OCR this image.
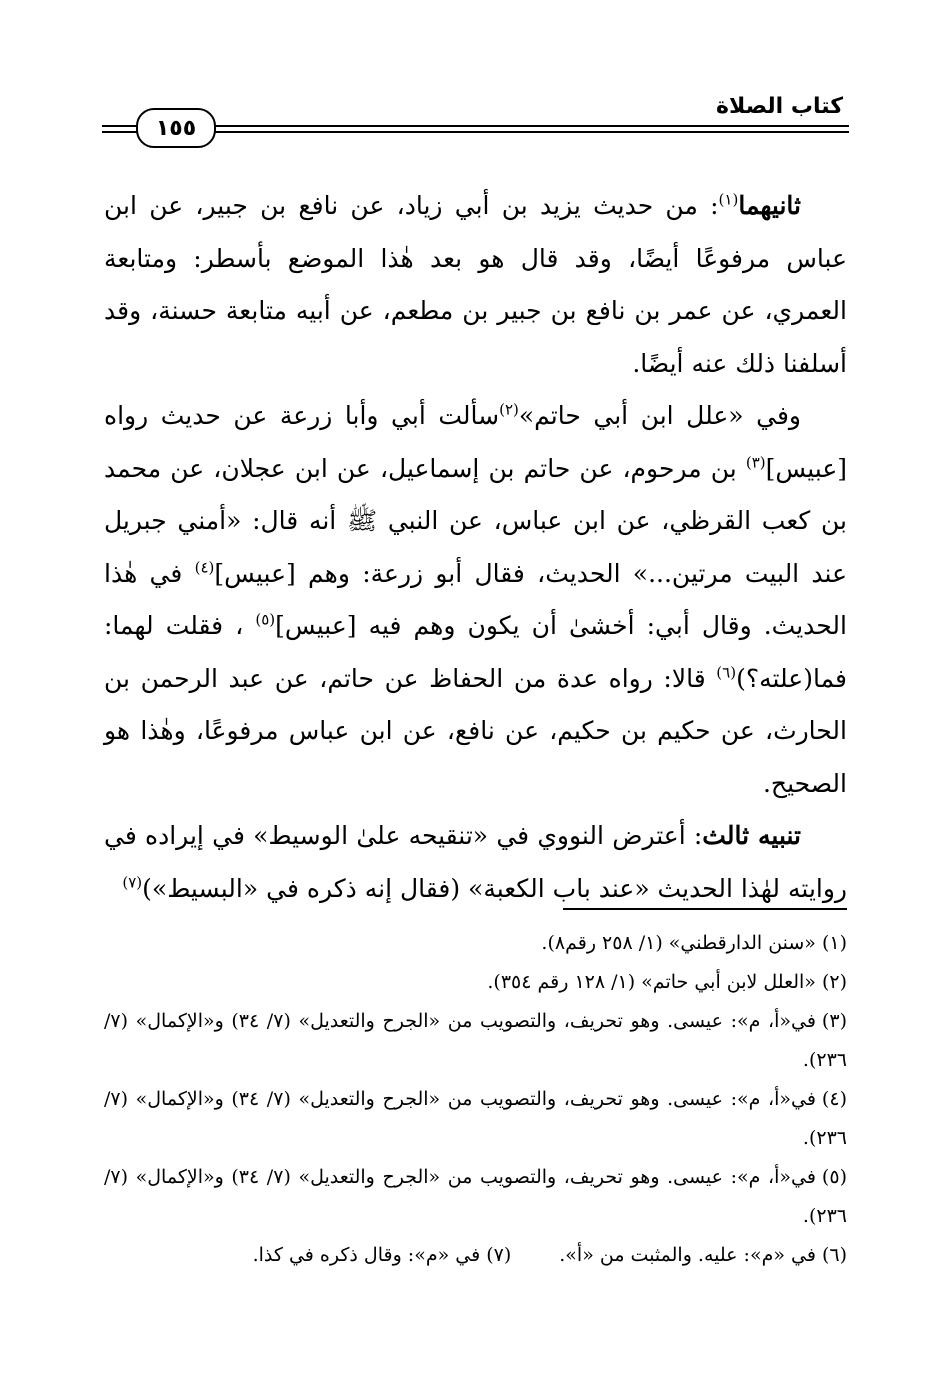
كتاب الصلاة
١٥٥

ثانيهما$^{(١)}$: من حديث يزيد بن أبي زياد، عن نافع بن جبير، عن ابن عباس مرفوعًا أيضًا، وقد قال هو بعد هٰذا الموضع بأسطر: ومتابعة العمري، عن عمر بن نافع بن جبير بن مطعم، عن أبيه متابعة حسنة، وقد أسلفنا ذلك عنه أيضًا.

وفي «علل ابن أبي حاتم»$^{(٢)}$سألت أبي وأبا زرعة عن حديث رواه [عبيس]$^{(٣)}$ بن مرحوم، عن حاتم بن إسماعيل، عن ابن عجلان، عن محمد بن كعب القرظي، عن ابن عباس، عن النبي ﷺ أنه قال: «أمني جبريل عند البيت مرتين...» الحديث، فقال أبو زرعة: وهم [عبيس]$^{(٤)}$ في هٰذا الحديث. وقال أبي: أخشىٰ أن يكون وهم فيه [عبيس]$^{(٥)}$ ، فقلت لهما: فما(علته؟)$^{(٦)}$ قالا: رواه عدة من الحفاظ عن حاتم، عن عبد الرحمن بن الحارث، عن حكيم بن حكيم، عن نافع، عن ابن عباس مرفوعًا، وهٰذا هو الصحيح.

تنبيه ثالث: أعترض النووي في «تنقيحه علىٰ الوسيط» في إيراده في روايته لهٰذا الحديث «عند باب الكعبة» (فقال إنه ذكره في «البسيط»)$^{(٧)}$

(١)«سنن الدارقطني» (١/ ٢٥٨ رقم٨).

(٢)«العلل لابن أبي حاتم» (١/ ١٢٨ رقم ٣٥٤).

(٣)في«أ، م»: عيسى. وهو تحريف، والتصويب من «الجرح والتعديل» (٧/ ٣٤) و«الإكمال» (٧/ ٢٣٦).

(٤)في«أ، م»: عيسى. وهو تحريف، والتصويب من «الجرح والتعديل» (٧/ ٣٤) و«الإكمال» (٧/ ٢٣٦).

(٥)في«أ، م»: عيسى. وهو تحريف، والتصويب من «الجرح والتعديل» (٧/ ٣٤) و«الإكمال» (٧/ ٢٣٦).

(٦)في «م»: عليه. والمثبت من «أ».
(٧)في «م»: وقال ذكره في كذا.
